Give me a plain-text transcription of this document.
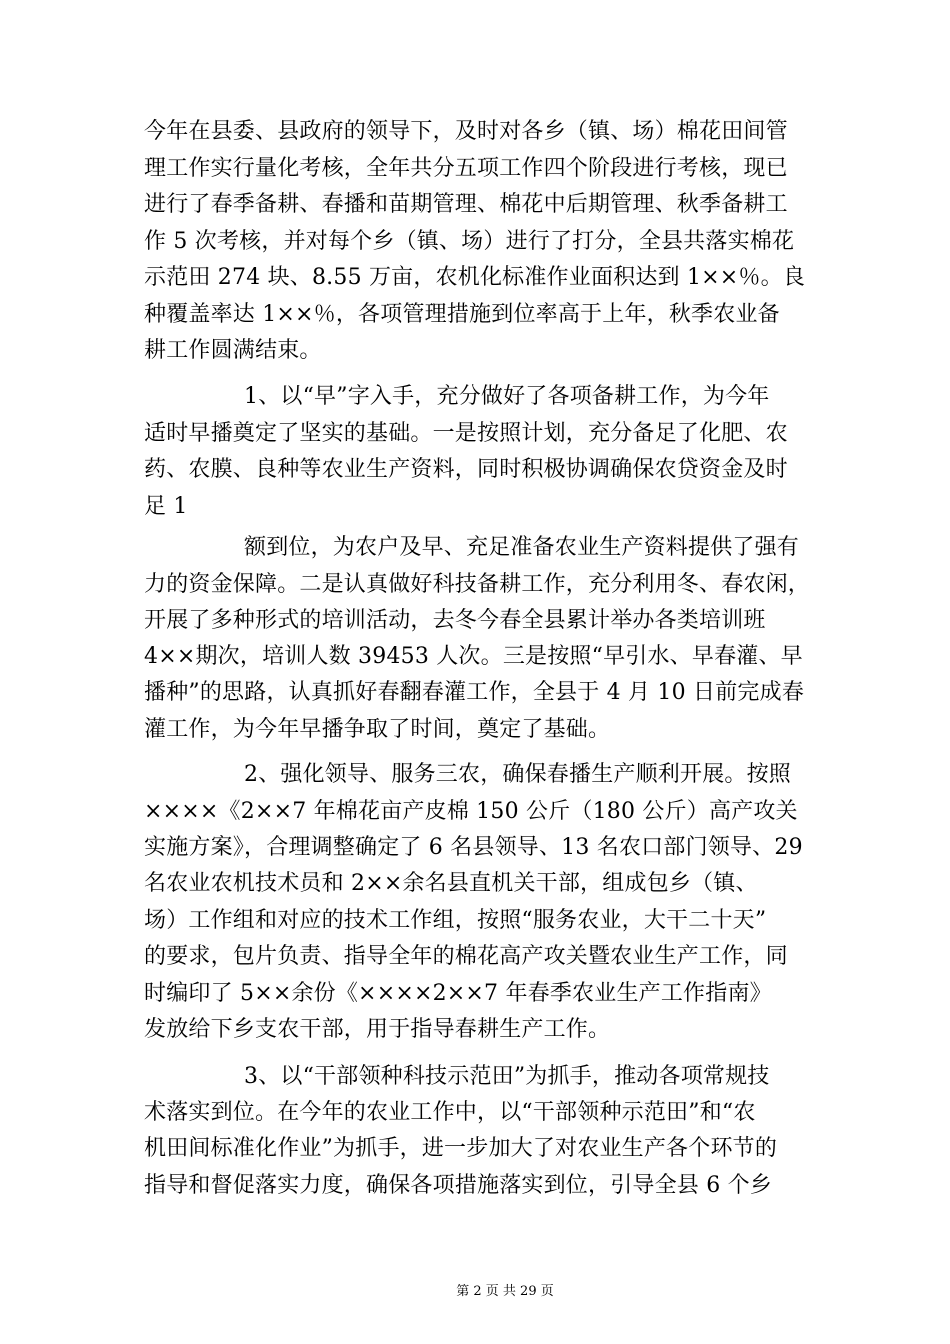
今年在县委、县政府的领导下，及时对各乡（镇、场）棉花田间管
理工作实行量化考核，全年共分五项工作四个阶段进行考核，现已
进行了春季备耕、春播和苗期管理、棉花中后期管理、秋季备耕工
作 5 次考核，并对每个乡（镇、场）进行了打分，全县共落实棉花
示范田 274 块、8.55 万亩，农机化标准作业面积达到 1××％。良
种覆盖率达 1××％，各项管理措施到位率高于上年，秋季农业备
耕工作圆满结束。
1、以“早”字入手，充分做好了各项备耕工作，为今年
适时早播奠定了坚实的基础。一是按照计划，充分备足了化肥、农
药、农膜、良种等农业生产资料，同时积极协调确保农贷资金及时
足 1
额到位，为农户及早、充足准备农业生产资料提供了强有
力的资金保障。二是认真做好科技备耕工作，充分利用冬、春农闲，
开展了多种形式的培训活动，去冬今春全县累计举办各类培训班
4××期次，培训人数 39453 人次。三是按照“早引水、早春灌、早
播种”的思路，认真抓好春翻春灌工作，全县于 4 月 10 日前完成春
灌工作，为今年早播争取了时间，奠定了基础。
2、强化领导、服务三农，确保春播生产顺利开展。按照
××××《2××7 年棉花亩产皮棉 150 公斤（180 公斤）高产攻关
实施方案》，合理调整确定了 6 名县领导、13 名农口部门领导、29
名农业农机技术员和 2××余名县直机关干部，组成包乡（镇、
场）工作组和对应的技术工作组，按照“服务农业，大干二十天”
的要求，包片负责、指导全年的棉花高产攻关暨农业生产工作，同
时编印了 5××余份《××××2××7 年春季农业生产工作指南》
发放给下乡支农干部，用于指导春耕生产工作。
3、以“干部领种科技示范田”为抓手，推动各项常规技
术落实到位。在今年的农业工作中，以“干部领种示范田”和“农
机田间标准化作业”为抓手，进一步加大了对农业生产各个环节的
指导和督促落实力度，确保各项措施落实到位，引导全县 6 个乡
第 2 页 共 29 页
